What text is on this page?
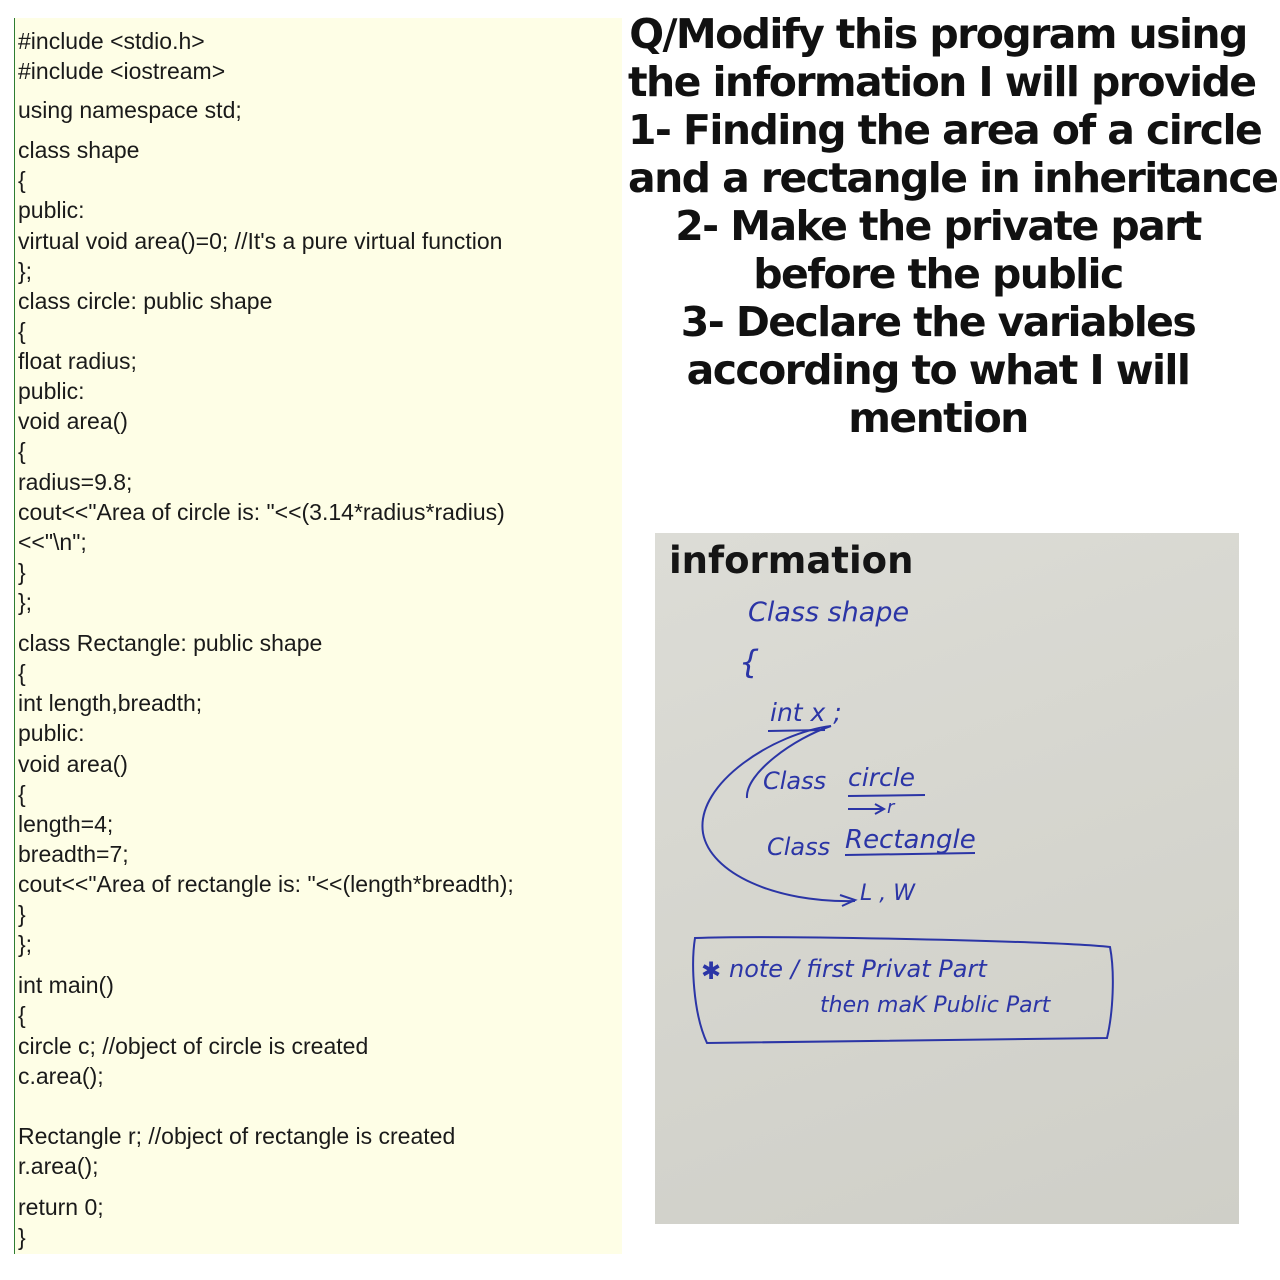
#include <stdio.h>

#include <iostream>

using namespace std;

class shape

{

public:

virtual void area()=0; //It's a pure virtual function

};

class circle: public shape

{

float radius;

public:

void area()

{

radius=9.8;

cout<<"Area of circle is: "<<(3.14*radius*radius)

<<"\n";

}

};

class Rectangle: public shape

{

int length,breadth;

public:

void area()

{

length=4;

breadth=7;

cout<<"Area of rectangle is: "<<(length*breadth);

}

};

int main()

{

circle c; //object of circle is created

c.area();

Rectangle r; //object of rectangle is created

r.area();

return 0;

}

Q/Modify this program using
the information I will provide
1- Finding the area of a circle
and a rectangle in inheritance
2- Make the private part
before the public
3- Declare the variables
according to what I will
mention
information
Class shape
{
int x ;
Class circle
r
Class Rectangle
L , W
✱ note / first Privat Part
then maK Public Part
